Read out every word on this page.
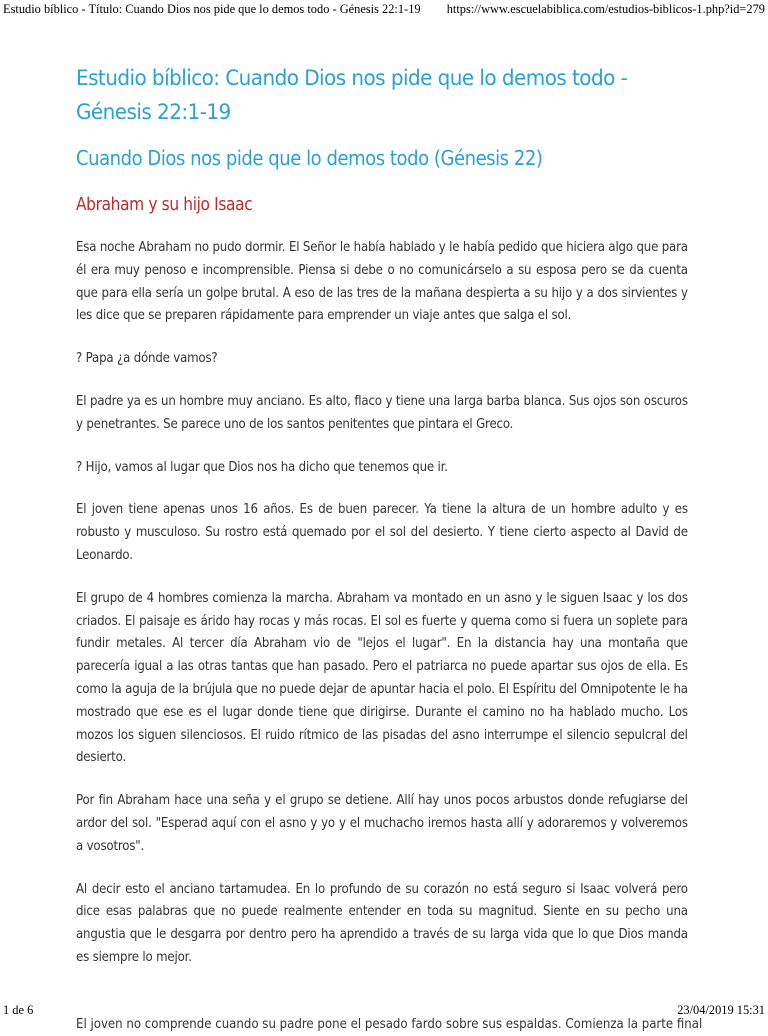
Estudio bíblico - Título: Cuando Dios nos pide que lo demos todo - Génesis 22:1-19 https://www.escuelabiblica.com/estudios-biblicos-1.php?id=279
Estudio bíblico: Cuando Dios nos pide que lo demos todo - Génesis 22:1-19
Cuando Dios nos pide que lo demos todo (Génesis 22)
Abraham y su hijo Isaac
Esa noche Abraham no pudo dormir. El Señor le había hablado y le había pedido que hiciera algo que para él era muy penoso e incomprensible. Piensa si debe o no comunicárselo a su esposa pero se da cuenta que para ella sería un golpe brutal. A eso de las tres de la mañana despierta a su hijo y a dos sirvientes y les dice que se preparen rápidamente para emprender un viaje antes que salga el sol.
? Papa ¿a dónde vamos?
El padre ya es un hombre muy anciano. Es alto, flaco y tiene una larga barba blanca. Sus ojos son oscuros y penetrantes. Se parece uno de los santos penitentes que pintara el Greco.
? Hijo, vamos al lugar que Dios nos ha dicho que tenemos que ir.
El joven tiene apenas unos 16 años. Es de buen parecer. Ya tiene la altura de un hombre adulto y es robusto y musculoso. Su rostro está quemado por el sol del desierto. Y tiene cierto aspecto al David de Leonardo.
El grupo de 4 hombres comienza la marcha. Abraham va montado en un asno y le siguen Isaac y los dos criados. El paisaje es árido hay rocas y más rocas. El sol es fuerte y quema como si fuera un soplete para fundir metales. Al tercer día Abraham vio de "lejos el lugar". En la distancia hay una montaña que parecería igual a las otras tantas que han pasado. Pero el patriarca no puede apartar sus ojos de ella. Es como la aguja de la brújula que no puede dejar de apuntar hacia el polo. El Espíritu del Omnipotente le ha mostrado que ese es el lugar donde tiene que dirigirse. Durante el camino no ha hablado mucho. Los mozos los siguen silenciosos. El ruido rítmico de las pisadas del asno interrumpe el silencio sepulcral del desierto.
Por fin Abraham hace una seña y el grupo se detiene. Allí hay unos pocos arbustos donde refugiarse del ardor del sol. "Esperad aquí con el asno y yo y el muchacho iremos hasta allí y adoraremos y volveremos a vosotros".
Al decir esto el anciano tartamudea. En lo profundo de su corazón no está seguro si Isaac volverá pero dice esas palabras que no puede realmente entender en toda su magnitud. Siente en su pecho una angustia que le desgarra por dentro pero ha aprendido a través de su larga vida que lo que Dios manda es siempre lo mejor.
El joven no comprende cuando su padre pone el pesado fardo sobre sus espaldas. Comienza la parte final
1 de 6	23/04/2019 15:31
